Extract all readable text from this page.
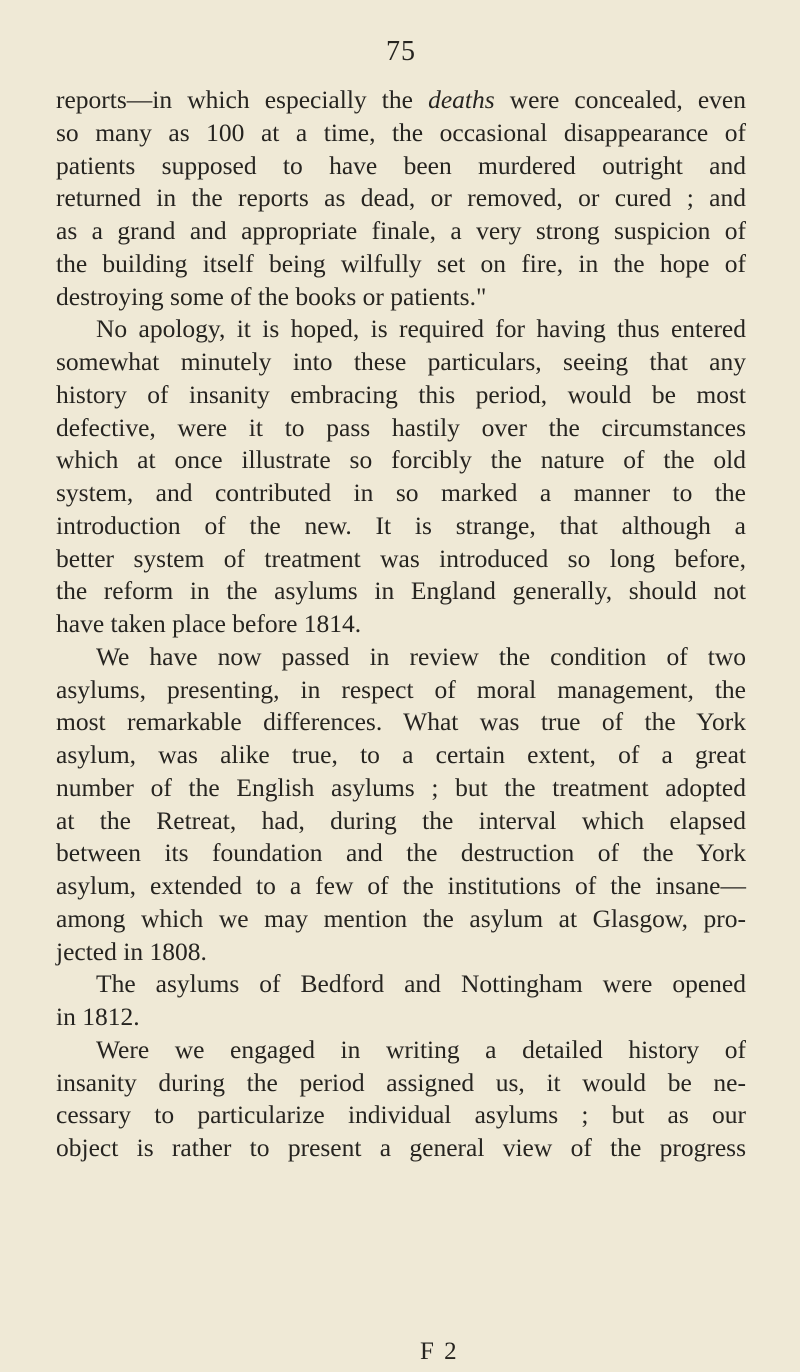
75
reports—in which especially the deaths were concealed, even
so many as 100 at a time, the occasional disappearance of
patients supposed to have been murdered outright and
returned in the reports as dead, or removed, or cured ; and
as a grand and appropriate finale, a very strong suspicion of
the building itself being wilfully set on fire, in the hope of
destroying some of the books or patients."
No apology, it is hoped, is required for having thus entered
somewhat minutely into these particulars, seeing that any
history of insanity embracing this period, would be most
defective, were it to pass hastily over the circumstances
which at once illustrate so forcibly the nature of the old
system, and contributed in so marked a manner to the
introduction of the new. It is strange, that although a
better system of treatment was introduced so long before,
the reform in the asylums in England generally, should not
have taken place before 1814.
We have now passed in review the condition of two
asylums, presenting, in respect of moral management, the
most remarkable differences. What was true of the York
asylum, was alike true, to a certain extent, of a great
number of the English asylums ; but the treatment adopted
at the Retreat, had, during the interval which elapsed
between its foundation and the destruction of the York
asylum, extended to a few of the institutions of the insane—
among which we may mention the asylum at Glasgow, pro-
jected in 1808.
The asylums of Bedford and Nottingham were opened
in 1812.
Were we engaged in writing a detailed history of
insanity during the period assigned us, it would be ne-
cessary to particularize individual asylums ; but as our
object is rather to present a general view of the progress
F 2
